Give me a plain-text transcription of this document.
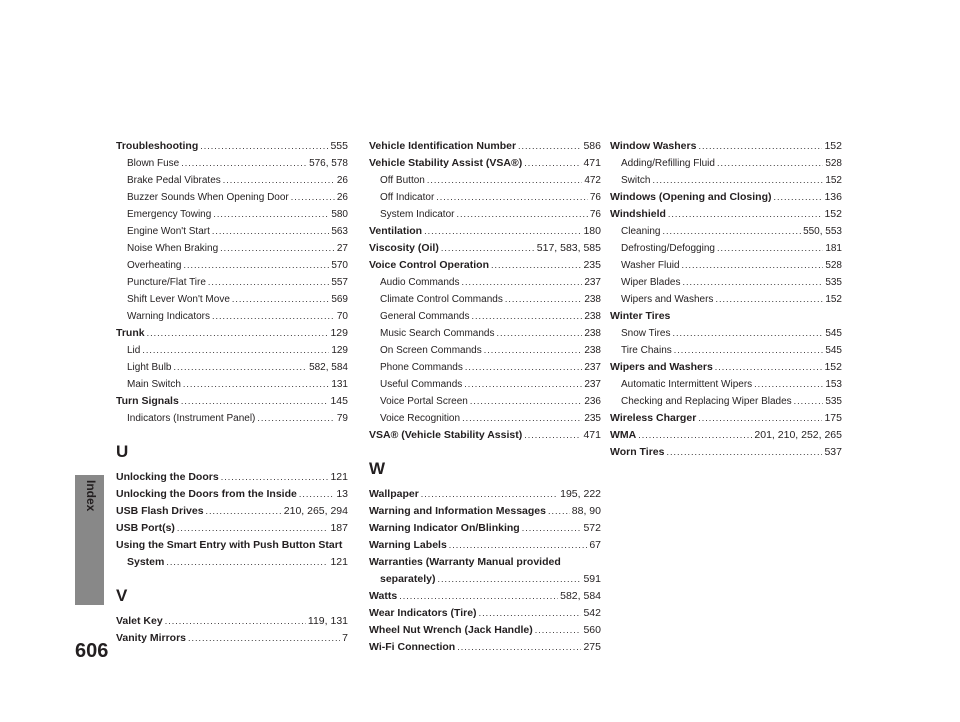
Index
606
Troubleshooting .....	555
Blown Fuse .....	576, 578
Brake Pedal Vibrates .....	26
Buzzer Sounds When Opening Door .....	26
Emergency Towing .....	580
Engine Won't Start .....	563
Noise When Braking .....	27
Overheating .....	570
Puncture/Flat Tire .....	557
Shift Lever Won't Move .....	569
Warning Indicators .....	70
Trunk .....	129
Lid .....	129
Light Bulb .....	582, 584
Main Switch .....	131
Turn Signals .....	145
Indicators (Instrument Panel) .....	79
U
Unlocking the Doors .....	121
Unlocking the Doors from the Inside .....	13
USB Flash Drives .....	210, 265, 294
USB Port(s) .....	187
Using the Smart Entry with Push Button Start
System .....	121
V
Valet Key .....	119, 131
Vanity Mirrors .....	7
Vehicle Identification Number .....	586
Vehicle Stability Assist (VSA®) .....	471
Off Button .....	472
Off Indicator .....	76
System Indicator .....	76
Ventilation .....	180
Viscosity (Oil) .....	517, 583, 585
Voice Control Operation .....	235
Audio Commands .....	237
Climate Control Commands .....	238
General Commands .....	238
Music Search Commands .....	238
On Screen Commands .....	238
Phone Commands .....	237
Useful Commands .....	237
Voice Portal Screen .....	236
Voice Recognition .....	235
VSA® (Vehicle Stability Assist) .....	471
W
Wallpaper .....	195, 222
Warning and Information Messages ..... 88, 90
Warning Indicator On/Blinking .....	572
Warning Labels .....	67
Warranties (Warranty Manual provided
separately) .....	591
Watts .....	582, 584
Wear Indicators (Tire) .....	542
Wheel Nut Wrench (Jack Handle) .....	560
Wi-Fi Connection .....	275
Window Washers .....	152
Adding/Refilling Fluid .....	528
Switch .....	152
Windows (Opening and Closing) .....	136
Windshield .....	152
Cleaning .....	550, 553
Defrosting/Defogging .....	181
Washer Fluid .....	528
Wiper Blades .....	535
Wipers and Washers .....	152
Winter Tires
Snow Tires .....	545
Tire Chains .....	545
Wipers and Washers .....	152
Automatic Intermittent Wipers .....	153
Checking and Replacing Wiper Blades .....	535
Wireless Charger .....	175
WMA .....	201, 210, 252, 265
Worn Tires .....	537
